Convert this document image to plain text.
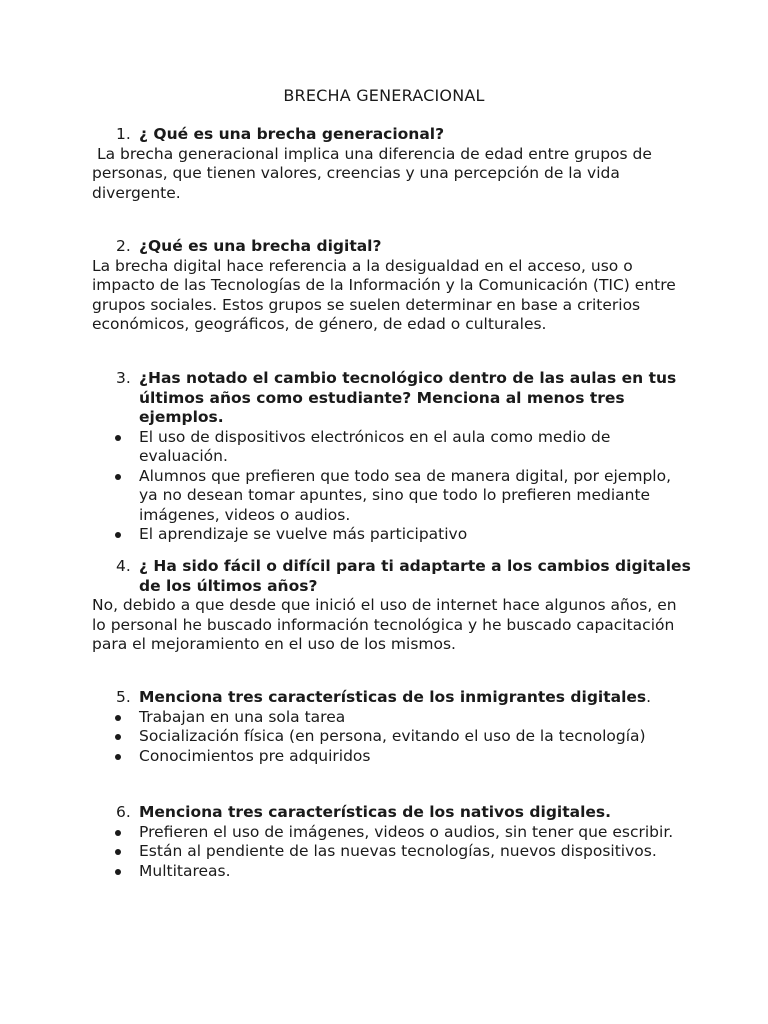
BRECHA GENERACIONAL
1. ¿ Qué es una brecha generacional?

La brecha generacional implica una diferencia de edad entre grupos de personas, que tienen valores, creencias y una percepción de la vida divergente.

2. ¿Qué es una brecha digital?

La brecha digital hace referencia a la desigualdad en el acceso, uso o impacto de las Tecnologías de la Información y la Comunicación (TIC) entre grupos sociales. Estos grupos se suelen determinar en base a criterios económicos, geográficos, de género, de edad o culturales.

3. ¿Has notado el cambio tecnológico dentro de las aulas en tus últimos años como estudiante? Menciona al menos tres ejemplos.
El uso de dispositivos electrónicos en el aula como medio de evaluación.
Alumnos que prefieren que todo sea de manera digital, por ejemplo, ya no desean tomar apuntes, sino que todo lo prefieren mediante imágenes, videos o audios.
El aprendizaje se vuelve más participativo
4. ¿ Ha sido fácil o difícil para ti adaptarte a los cambios digitales de los últimos años?

No, debido a que desde que inició el uso de internet hace algunos años, en lo personal he buscado información tecnológica y he buscado capacitación para el mejoramiento en el uso de los mismos.

5. Menciona tres características de los inmigrantes digitales.
Trabajan en una sola tarea
Socialización física (en persona, evitando el uso de la tecnología)
Conocimientos pre adquiridos
6. Menciona tres características de los nativos digitales.
Prefieren el uso de imágenes, videos o audios, sin tener que escribir.
Están al pendiente de las nuevas tecnologías, nuevos dispositivos.
Multitareas.
